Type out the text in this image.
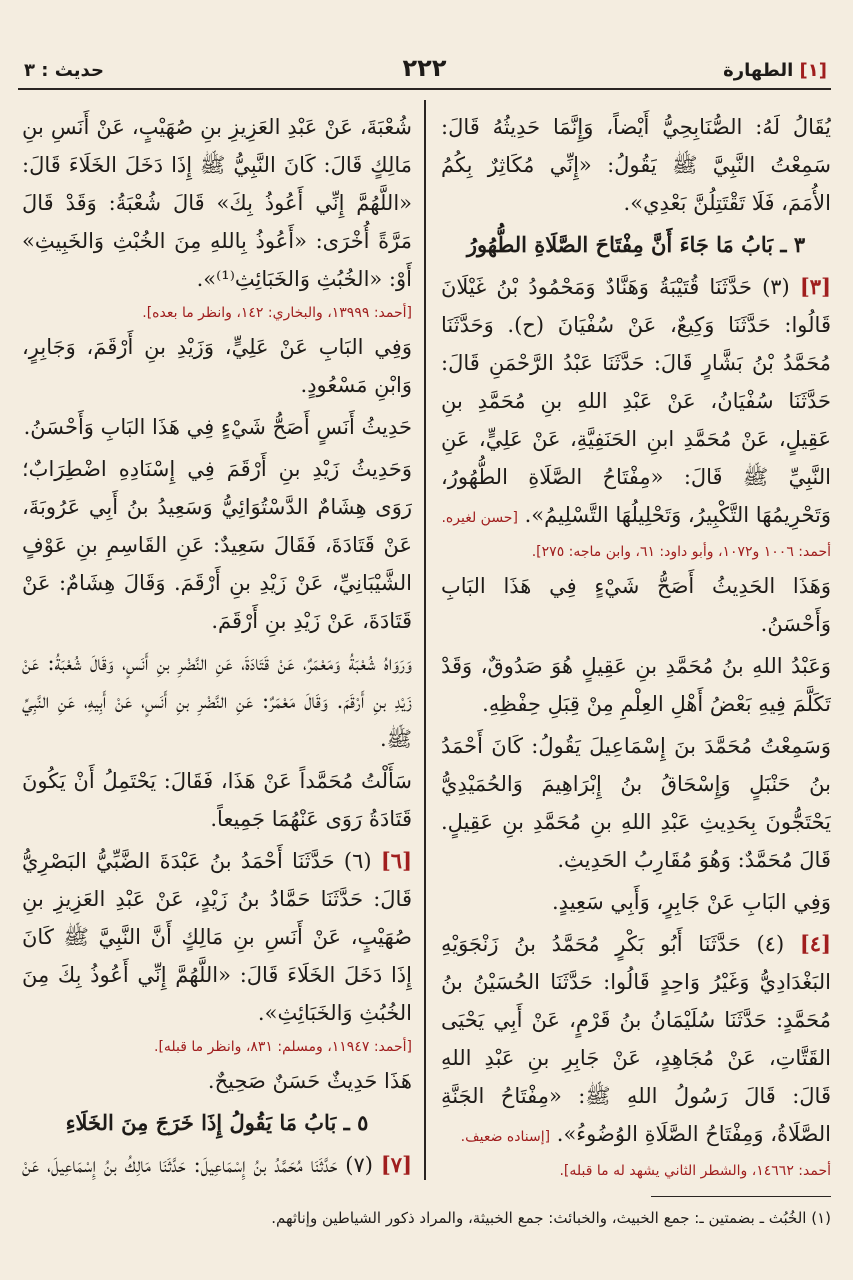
[١] الطهارة
٢٢٢
حديث : ٣

يُقَالُ لَهُ: الصُّنَابِحِيُّ أَيْضاً، وَإِنَّمَا حَدِيثُهُ قَالَ: سَمِعْتُ النَّبِيَّ ﷺ يَقُولُ: «إِنِّي مُكَاثِرٌ بِكُمُ الأُمَمَ، فَلَا تَقْتَتِلُنَّ بَعْدِي».

٣ ـ بَابُ مَا جَاءَ أَنَّ مِفْتَاحَ الصَّلَاةِ الطُّهُورُ

[٣] (٣) حَدَّثَنَا قُتَيْبَةُ وَهَنَّادٌ وَمَحْمُودُ بْنُ غَيْلَانَ قَالُوا: حَدَّثَنَا وَكِيعٌ، عَنْ سُفْيَانَ (ح). وَحَدَّثَنَا مُحَمَّدُ بْنُ بَشَّارٍ قَالَ: حَدَّثَنَا عَبْدُ الرَّحْمَنِ قَالَ: حَدَّثَنَا سُفْيَانُ، عَنْ عَبْدِ اللهِ بنِ مُحَمَّدِ بنِ عَقِيلٍ، عَنْ مُحَمَّدِ ابنِ الحَنَفِيَّةِ، عَنْ عَلِيٍّ، عَنِ النَّبِيِّ ﷺ قَالَ: «مِفْتَاحُ الصَّلَاةِ الطُّهُورُ، وَتَحْرِيمُهَا التَّكْبِيرُ، وَتَحْلِيلُهَا التَّسْلِيمُ». [حسن لغيره.

أحمد: ١٠٠٦ و١٠٧٢، وأبو داود: ٦١، وابن ماجه: ٢٧٥].

وَهَذَا الحَدِيثُ أَصَحُّ شَيْءٍ فِي هَذَا البَابِ وَأَحْسَنُ.

وَعَبْدُ اللهِ بنُ مُحَمَّدِ بنِ عَقِيلٍ هُوَ صَدُوقٌ، وَقَدْ تَكَلَّمَ فِيهِ بَعْضُ أَهْلِ العِلْمِ مِنْ قِبَلِ حِفْظِهِ.

وَسَمِعْتُ مُحَمَّدَ بنَ إِسْمَاعِيلَ يَقُولُ: كَانَ أَحْمَدُ بنُ حَنْبَلٍ وَإِسْحَاقُ بنُ إِبْرَاهِيمَ وَالحُمَيْدِيُّ يَحْتَجُّونَ بِحَدِيثِ عَبْدِ اللهِ بنِ مُحَمَّدِ بنِ عَقِيلٍ. قَالَ مُحَمَّدٌ: وَهُوَ مُقَارِبُ الحَدِيثِ.

وَفِي البَابِ عَنْ جَابِرٍ، وَأَبِي سَعِيدٍ.

[٤] (٤) حَدَّثَنَا أَبُو بَكْرٍ مُحَمَّدُ بنُ زَنْجَوَيْهِ البَغْدَادِيُّ وَغَيْرُ وَاحِدٍ قَالُوا: حَدَّثَنَا الحُسَيْنُ بنُ مُحَمَّدٍ: حَدَّثَنَا سُلَيْمَانُ بنُ قَرْمٍ، عَنْ أَبِي يَحْيَى القَتَّاتِ، عَنْ مُجَاهِدٍ، عَنْ جَابِرِ بنِ عَبْدِ اللهِ قَالَ: قَالَ رَسُولُ اللهِ ﷺ: «مِفْتَاحُ الجَنَّةِ الصَّلَاةُ، وَمِفْتَاحُ الصَّلَاةِ الوُضُوءُ». [إسناده ضعيف.

أحمد: ١٤٦٦٢، والشطر الثاني يشهد له ما قبله].

شُعْبَةَ، عَنْ عَبْدِ العَزِيزِ بنِ صُهَيْبٍ، عَنْ أَنَسِ بنِ مَالِكٍ قَالَ: كَانَ النَّبِيُّ ﷺ إِذَا دَخَلَ الخَلَاءَ قَالَ: «اللَّهُمَّ إِنِّي أَعُوذُ بِكَ» قَالَ شُعْبَةُ: وَقَدْ قَالَ مَرَّةً أُخْرَى: «أَعُوذُ بِاللهِ مِنَ الخُبْثِ وَالخَبِيثِ» أَوْ: «الخُبُثِ وَالخَبَائِثِ⁽¹⁾».

[أحمد: ١٣٩٩٩، والبخاري: ١٤٢، وانظر ما بعده].

وَفِي البَابِ عَنْ عَلِيٍّ، وَزَيْدِ بنِ أَرْقَمَ، وَجَابِرٍ، وَابْنِ مَسْعُودٍ.

حَدِيثُ أَنَسٍ أَصَحُّ شَيْءٍ فِي هَذَا البَابِ وَأَحْسَنُ.

وَحَدِيثُ زَيْدِ بنِ أَرْقَمَ فِي إِسْنَادِهِ اضْطِرَابٌ؛ رَوَى هِشَامٌ الدَّسْتُوَائِيُّ وَسَعِيدُ بنُ أَبِي عَرُوبَةَ، عَنْ قَتَادَةَ، فَقَالَ سَعِيدٌ: عَنِ القَاسِمِ بنِ عَوْفٍ الشَّيْبَانِيِّ، عَنْ زَيْدِ بنِ أَرْقَمَ. وَقَالَ هِشَامٌ: عَنْ قَتَادَةَ، عَنْ زَيْدِ بنِ أَرْقَمَ.

وَرَوَاهُ شُعْبَةُ وَمَعْمَرٌ، عَنْ قَتَادَةَ، عَنِ النَّضْرِ بنِ أَنَسٍ، وَقَالَ شُعْبَةُ: عَنْ زَيْدِ بنِ أَرْقَمَ. وَقَالَ مَعْمَرٌ: عَنِ النَّضْرِ بنِ أَنَسٍ، عَنْ أَبِيهِ، عَنِ النَّبِيِّ ﷺ.

سَأَلْتُ مُحَمَّداً عَنْ هَذَا، فَقَالَ: يَحْتَمِلُ أَنْ يَكُونَ قَتَادَةُ رَوَى عَنْهُمَا جَمِيعاً.

[٦] (٦) حَدَّثَنَا أَحْمَدُ بنُ عَبْدَةَ الضَّبِّيُّ البَصْرِيُّ قَالَ: حَدَّثَنَا حَمَّادُ بنُ زَيْدٍ، عَنْ عَبْدِ العَزِيزِ بنِ صُهَيْبٍ، عَنْ أَنَسِ بنِ مَالِكٍ أَنَّ النَّبِيَّ ﷺ كَانَ إِذَا دَخَلَ الخَلَاءَ قَالَ: «اللَّهُمَّ إِنِّي أَعُوذُ بِكَ مِنَ الخُبُثِ وَالخَبَائِثِ».

[أحمد: ١١٩٤٧، ومسلم: ٨٣١، وانظر ما قبله].

هَذَا حَدِيثٌ حَسَنٌ صَحِيحٌ.

٥ ـ بَابُ مَا يَقُولُ إِذَا خَرَجَ مِنَ الخَلَاءِ

[٧] (٧) حَدَّثَنَا مُحَمَّدُ بنُ إِسْمَاعِيلَ: حَدَّثَنَا مَالِكُ بنُ إِسْمَاعِيلَ، عَنْ

(١) الخُبُث ـ بضمتين ـ: جمع الخبيث، والخبائث: جمع الخبيثة، والمراد ذكور الشياطين وإناثهم.
